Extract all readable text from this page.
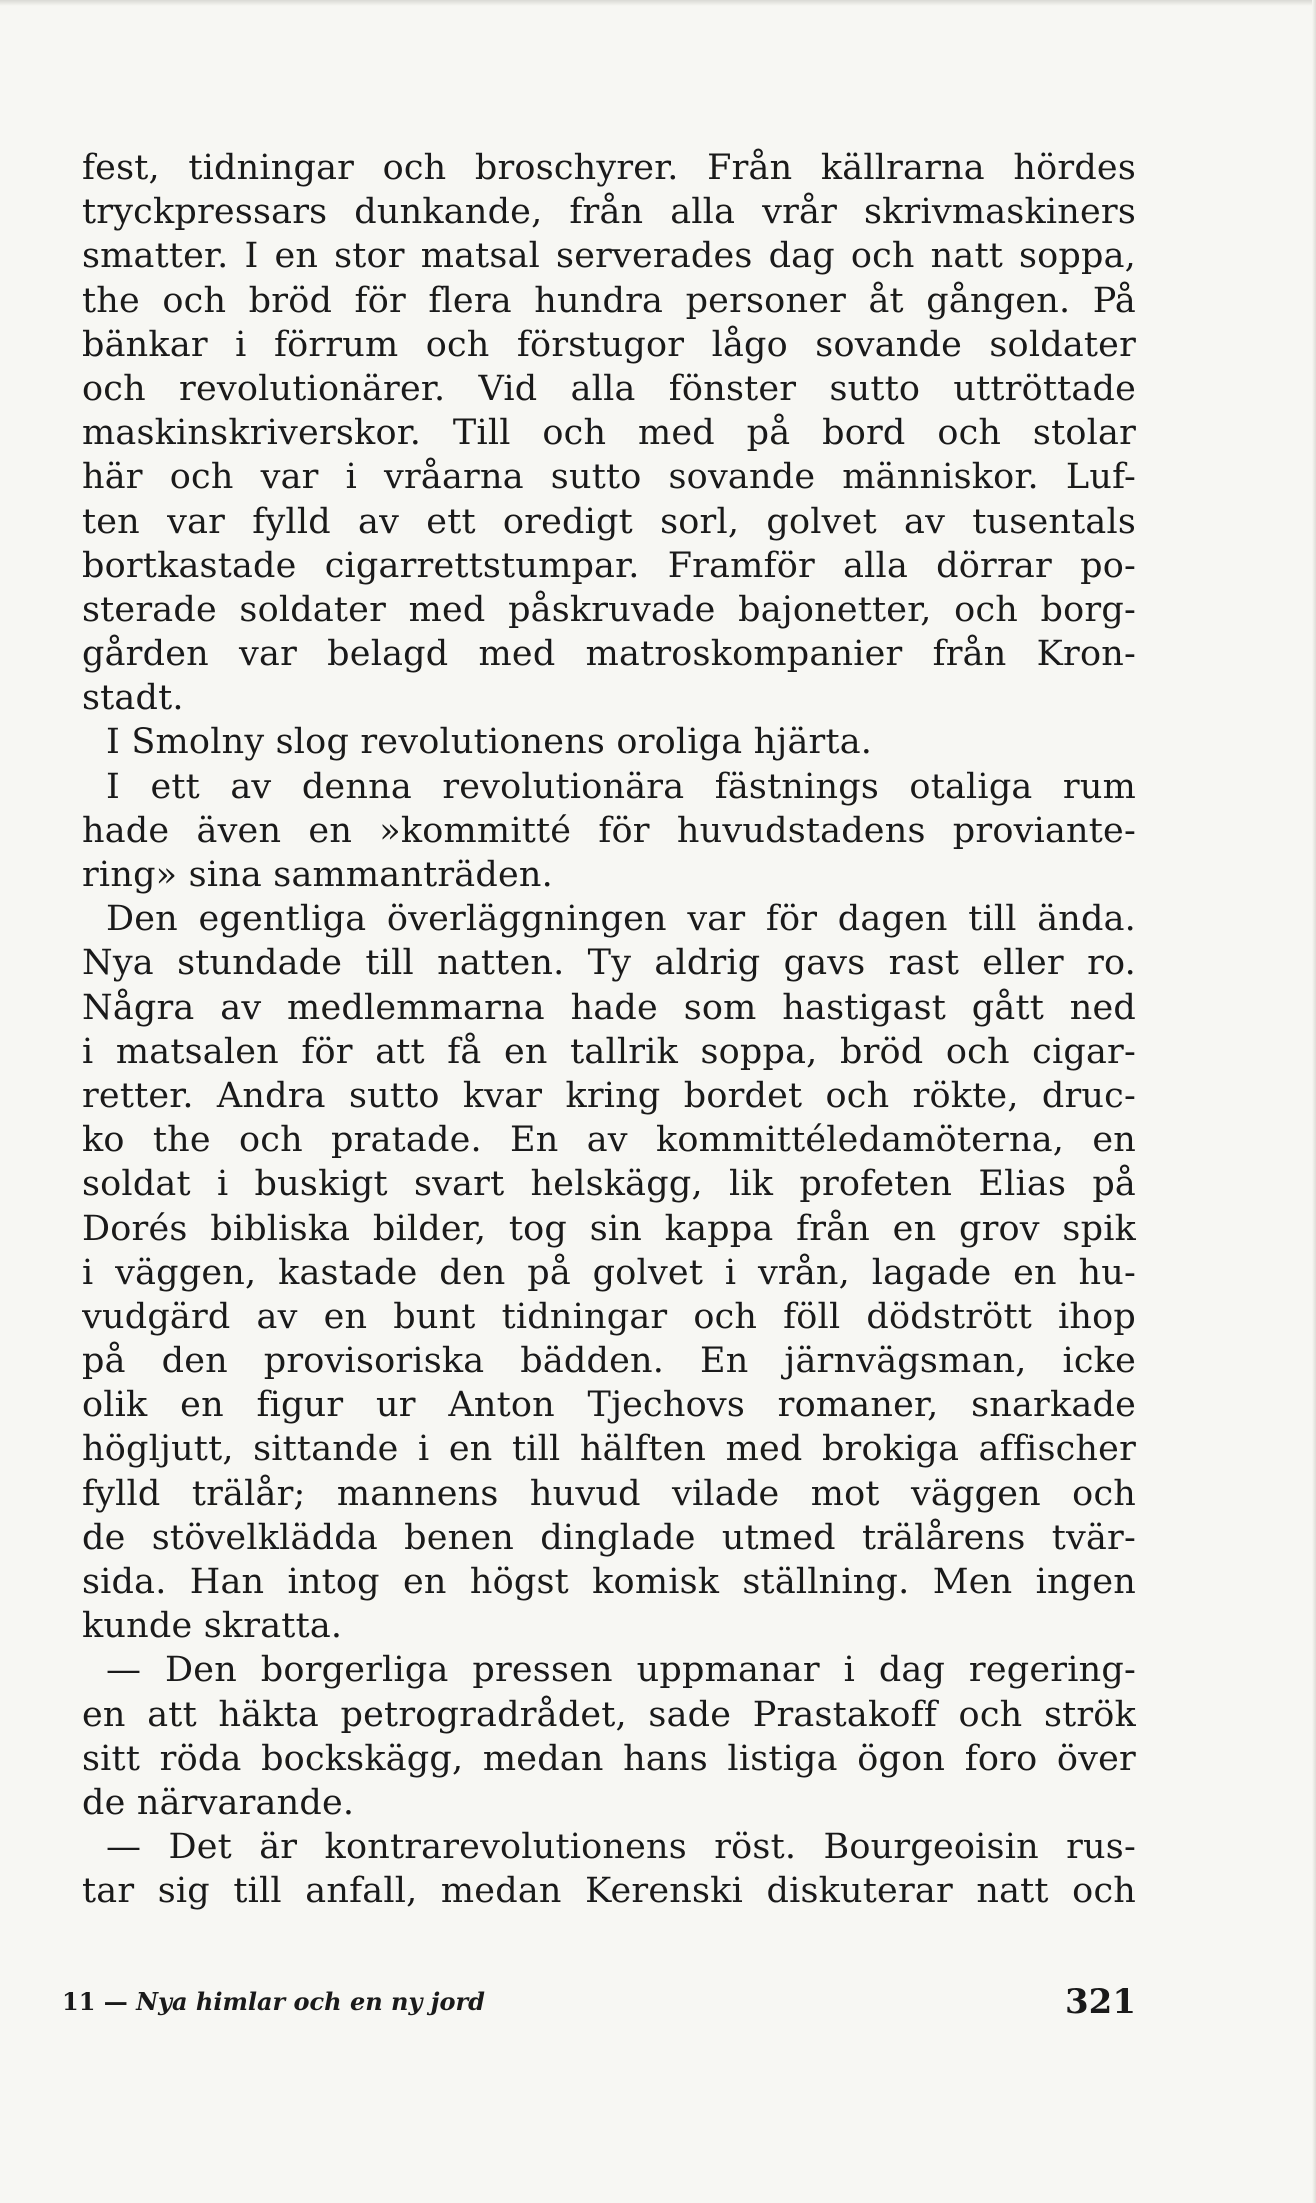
fest, tidningar och broschyrer. Från källrarna hördes
tryckpressars dunkande, från alla vrår skrivmaskiners
smatter. I en stor matsal serverades dag och natt soppa,
the och bröd för flera hundra personer åt gången. På
bänkar i förrum och förstugor lågo sovande soldater
och revolutionärer. Vid alla fönster sutto uttröttade
maskinskriverskor. Till och med på bord och stolar
här och var i vråarna sutto sovande människor. Luf-
ten var fylld av ett oredigt sorl, golvet av tusentals
bortkastade cigarrettstumpar. Framför alla dörrar po-
sterade soldater med påskruvade bajonetter, och borg-
gården var belagd med matroskompanier från Kron-
stadt.
I Smolny slog revolutionens oroliga hjärta.
I ett av denna revolutionära fästnings otaliga rum
hade även en »kommitté för huvudstadens proviante-
ring» sina sammanträden.
Den egentliga överläggningen var för dagen till ända.
Nya stundade till natten. Ty aldrig gavs rast eller ro.
Några av medlemmarna hade som hastigast gått ned
i matsalen för att få en tallrik soppa, bröd och cigar-
retter. Andra sutto kvar kring bordet och rökte, druc-
ko the och pratade. En av kommittéledamöterna, en
soldat i buskigt svart helskägg, lik profeten Elias på
Dorés bibliska bilder, tog sin kappa från en grov spik
i väggen, kastade den på golvet i vrån, lagade en hu-
vudgärd av en bunt tidningar och föll dödstrött ihop
på den provisoriska bädden. En järnvägsman, icke
olik en figur ur Anton Tjechovs romaner, snarkade
högljutt, sittande i en till hälften med brokiga affischer
fylld trälår; mannens huvud vilade mot väggen och
de stövelklädda benen dinglade utmed trälårens tvär-
sida. Han intog en högst komisk ställning. Men ingen
kunde skratta.
— Den borgerliga pressen uppmanar i dag regering-
en att häkta petrogradrådet, sade Prastakoff och strök
sitt röda bockskägg, medan hans listiga ögon foro över
de närvarande.
— Det är kontrarevolutionens röst. Bourgeoisin rus-
tar sig till anfall, medan Kerenski diskuterar natt och
11 — Nya himlar och en ny jord	321
